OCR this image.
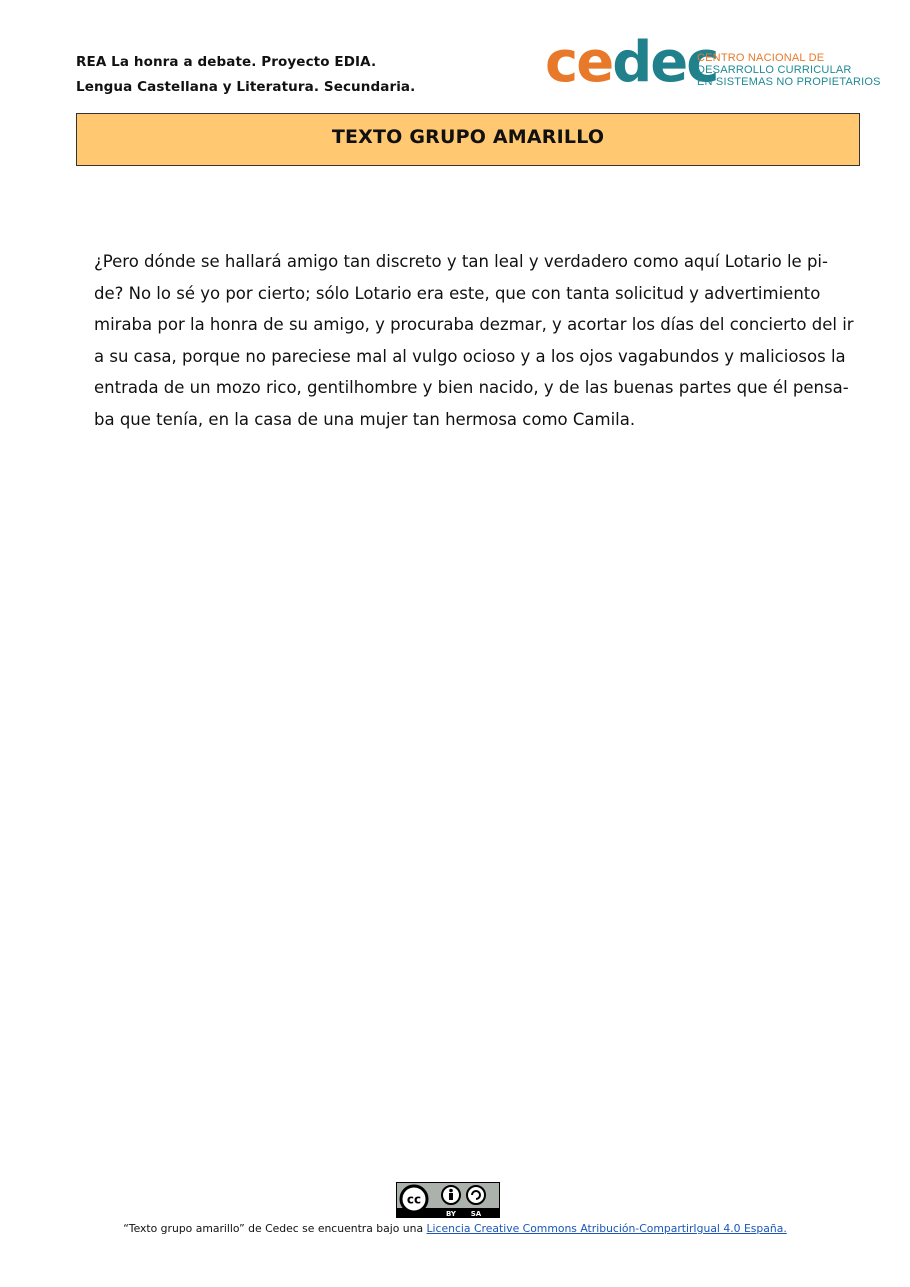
REA La honra a debate. Proyecto EDIA.
Lengua Castellana y Literatura. Secundaria. cedec
CENTRO NACIONAL DE
DESARROLLO CURRICULAR
EN SISTEMAS NO PROPIETARIOS
TEXTO GRUPO AMARILLO
¿Pero dónde se hallará amigo tan discreto y tan leal y verdadero como aquí Lotario le pi-
de? No lo sé yo por cierto; sólo Lotario era este, que con tanta solicitud y advertimiento
miraba por la honra de su amigo, y procuraba dezmar, y acortar los días del concierto del ir
a su casa, porque no pareciese mal al vulgo ocioso y a los ojos vagabundos y maliciosos la
entrada de un mozo rico, gentilhombre y bien nacido, y de las buenas partes que él pensa-
ba que tenía, en la casa de una mujer tan hermosa como Camila.
cc
BY SA
“Texto grupo amarillo” de Cedec se encuentra bajo una Licencia Creative Commons Atribución-CompartirIgual 4.0 España.
